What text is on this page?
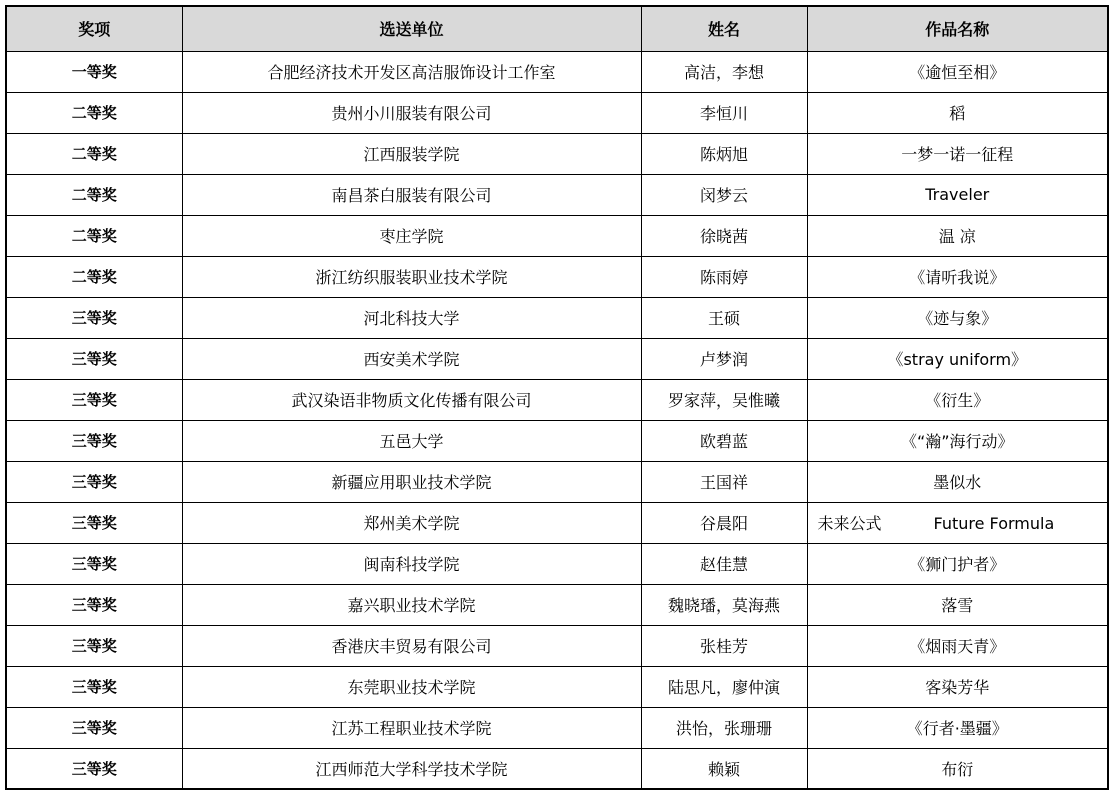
奖项	选送单位	姓名	作品名称
一等奖	合肥经济技术开发区高洁服饰设计工作室	高洁，李想	《逾恒至相》
二等奖	贵州小川服装有限公司	李恒川	稻
二等奖	江西服装学院	陈炳旭	一梦一诺一征程
二等奖	南昌茶白服装有限公司	闵梦云	Traveler
二等奖	枣庄学院	徐晓茜	温 凉
二等奖	浙江纺织服装职业技术学院	陈雨婷	《请听我说》
三等奖	河北科技大学	王硕	《迹与象》
三等奖	西安美术学院	卢梦润	《stray uniform》
三等奖	武汉染语非物质文化传播有限公司	罗家萍，吴惟曦	《衍生》
三等奖	五邑大学	欧碧蓝	《“瀚”海行动》
三等奖	新疆应用职业技术学院	王国祥	墨似水
三等奖	郑州美术学院	谷晨阳	未来公式 Future Formula
三等奖	闽南科技学院	赵佳慧	《狮门护者》
三等奖	嘉兴职业技术学院	魏晓璠，莫海燕	落雪
三等奖	香港庆丰贸易有限公司	张桂芳	《烟雨天青》
三等奖	东莞职业技术学院	陆思凡，廖仲演	客染芳华
三等奖	江苏工程职业技术学院	洪怡，张珊珊	《行者·墨疆》
三等奖	江西师范大学科学技术学院	赖颖	布衍
